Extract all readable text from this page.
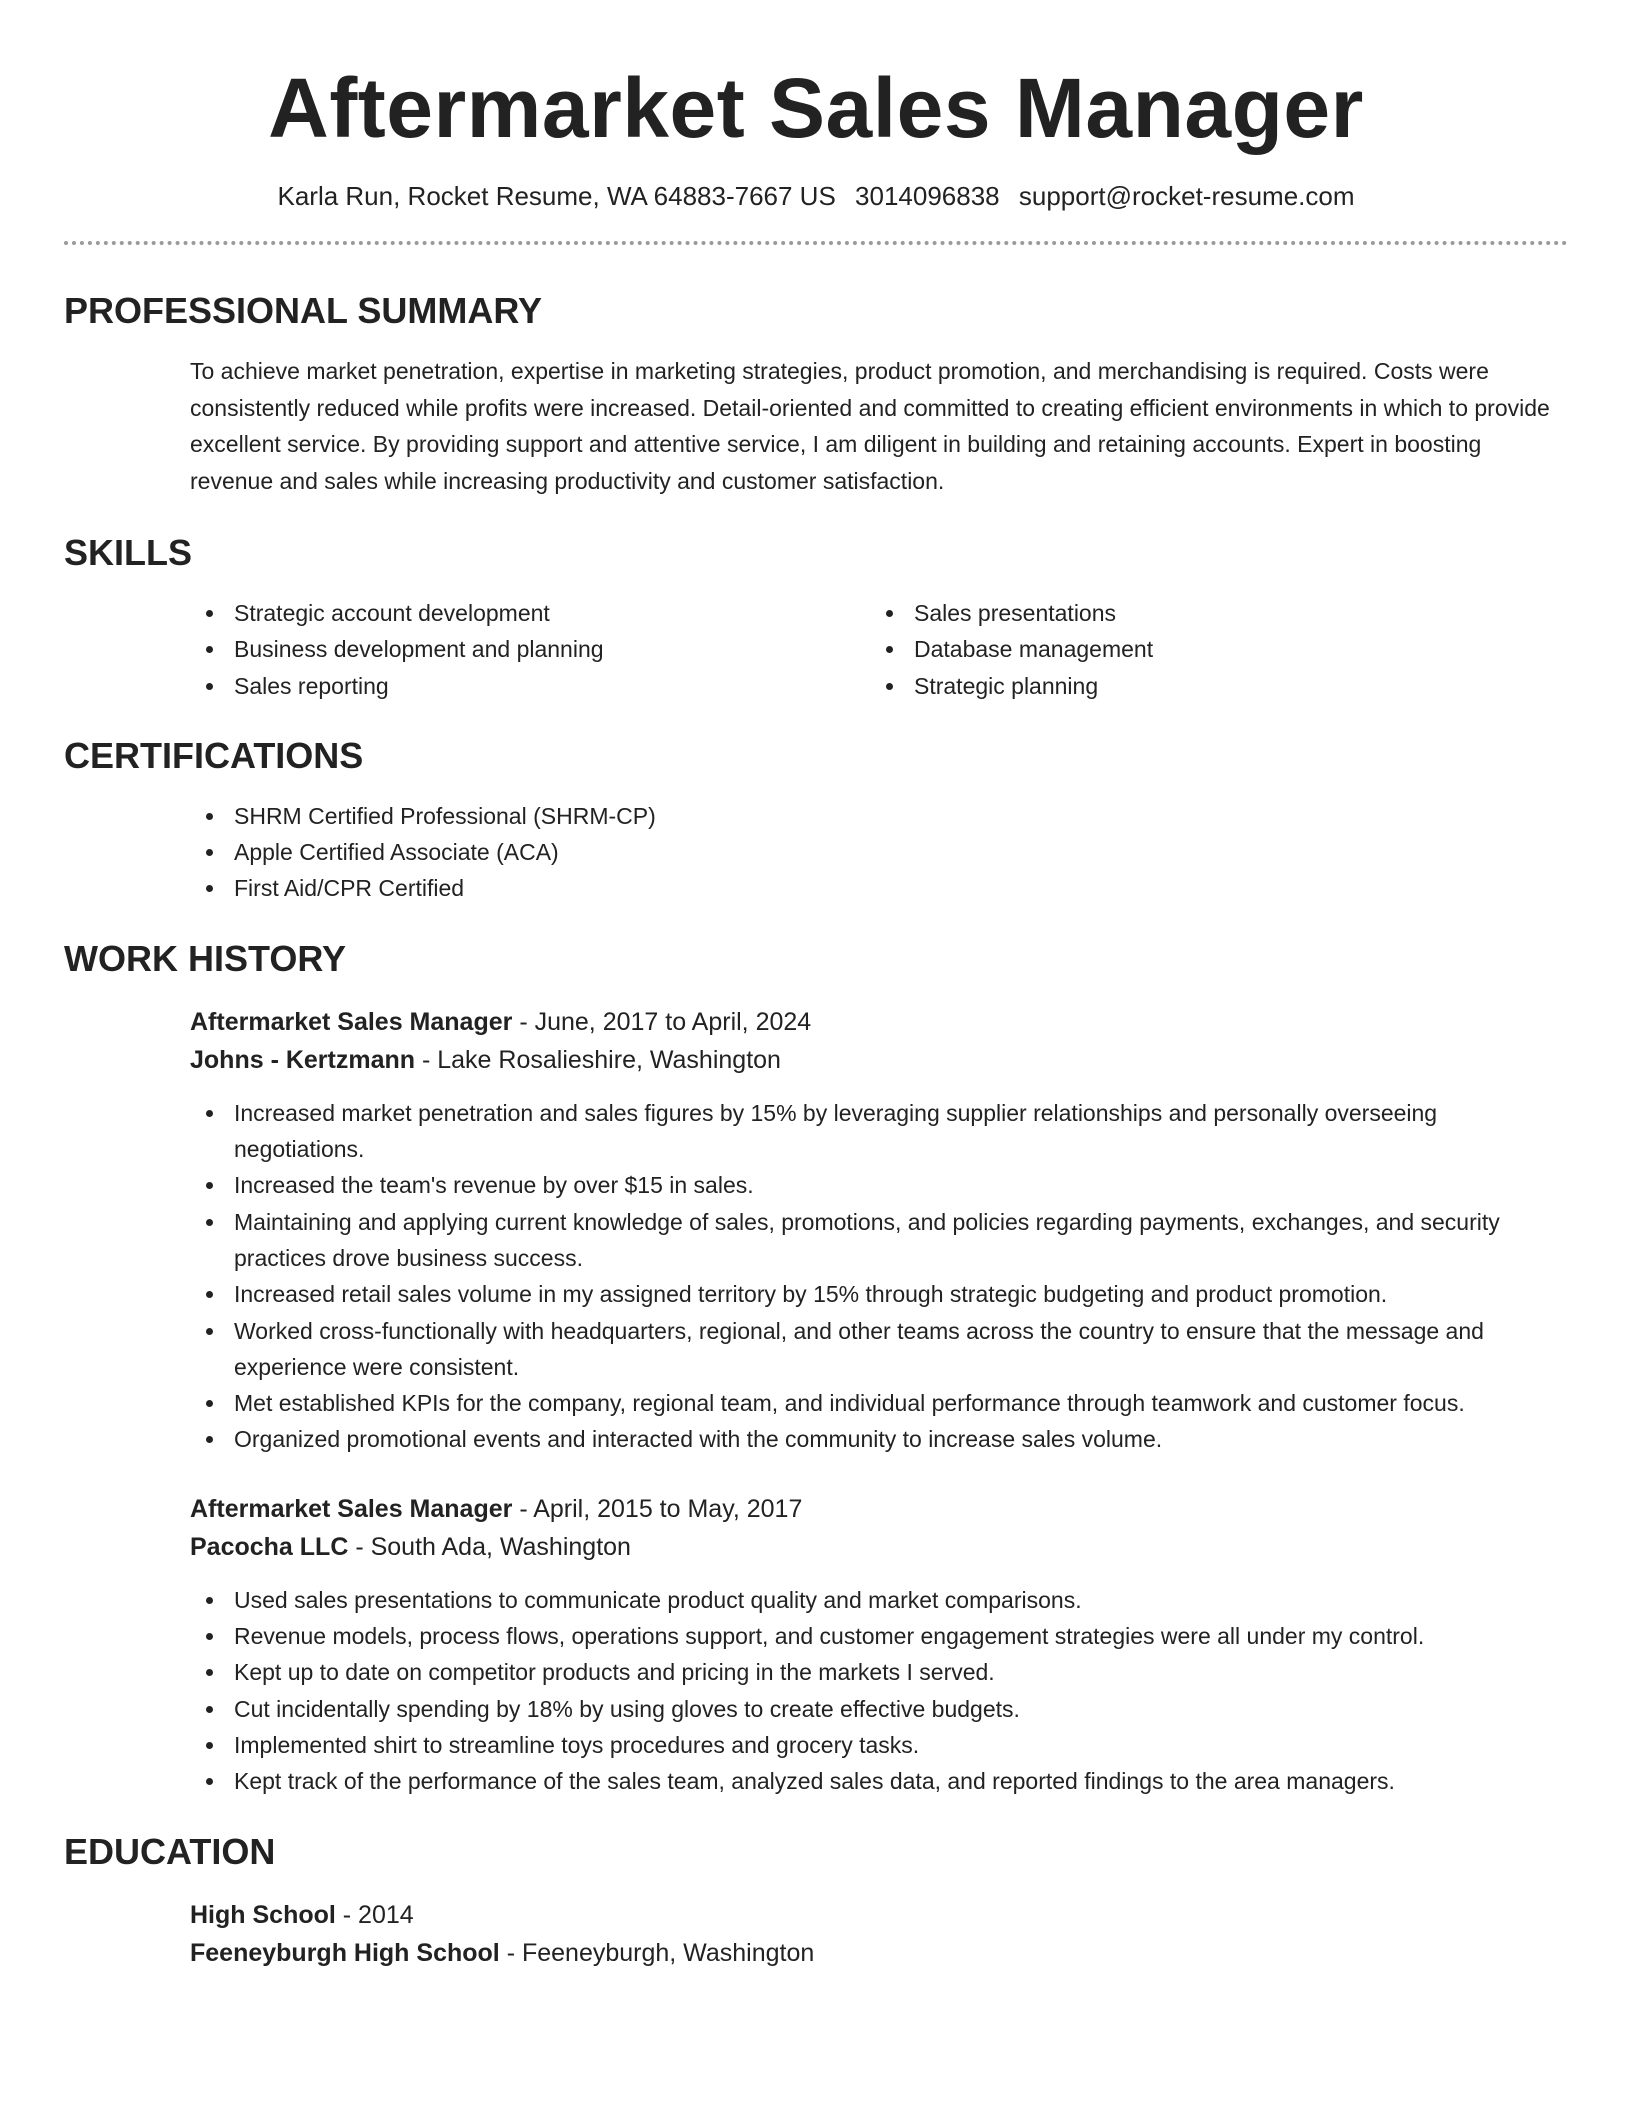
Aftermarket Sales Manager
Karla Run, Rocket Resume, WA 64883-7667 US 3014096838 support@rocket-resume.com
PROFESSIONAL SUMMARY

To achieve market penetration, expertise in marketing strategies, product promotion, and merchandising is required. Costs were consistently reduced while profits were increased. Detail-oriented and committed to creating efficient environments in which to provide excellent service. By providing support and attentive service, I am diligent in building and retaining accounts. Expert in boosting revenue and sales while increasing productivity and customer satisfaction.

SKILLS
Strategic account development
Business development and planning
Sales reporting
Sales presentations
Database management
Strategic planning
CERTIFICATIONS
SHRM Certified Professional (SHRM-CP)
Apple Certified Associate (ACA)
First Aid/CPR Certified
WORK HISTORY
Aftermarket Sales Manager - June, 2017 to April, 2024
Johns - Kertzmann - Lake Rosalieshire, Washington
Increased market penetration and sales figures by 15% by leveraging supplier relationships and personally overseeing negotiations.
Increased the team's revenue by over $15 in sales.
Maintaining and applying current knowledge of sales, promotions, and policies regarding payments, exchanges, and security practices drove business success.
Increased retail sales volume in my assigned territory by 15% through strategic budgeting and product promotion.
Worked cross-functionally with headquarters, regional, and other teams across the country to ensure that the message and experience were consistent.
Met established KPIs for the company, regional team, and individual performance through teamwork and customer focus.
Organized promotional events and interacted with the community to increase sales volume.
Aftermarket Sales Manager - April, 2015 to May, 2017
Pacocha LLC - South Ada, Washington
Used sales presentations to communicate product quality and market comparisons.
Revenue models, process flows, operations support, and customer engagement strategies were all under my control.
Kept up to date on competitor products and pricing in the markets I served.
Cut incidentally spending by 18% by using gloves to create effective budgets.
Implemented shirt to streamline toys procedures and grocery tasks.
Kept track of the performance of the sales team, analyzed sales data, and reported findings to the area managers.
EDUCATION
High School - 2014
Feeneyburgh High School - Feeneyburgh, Washington
